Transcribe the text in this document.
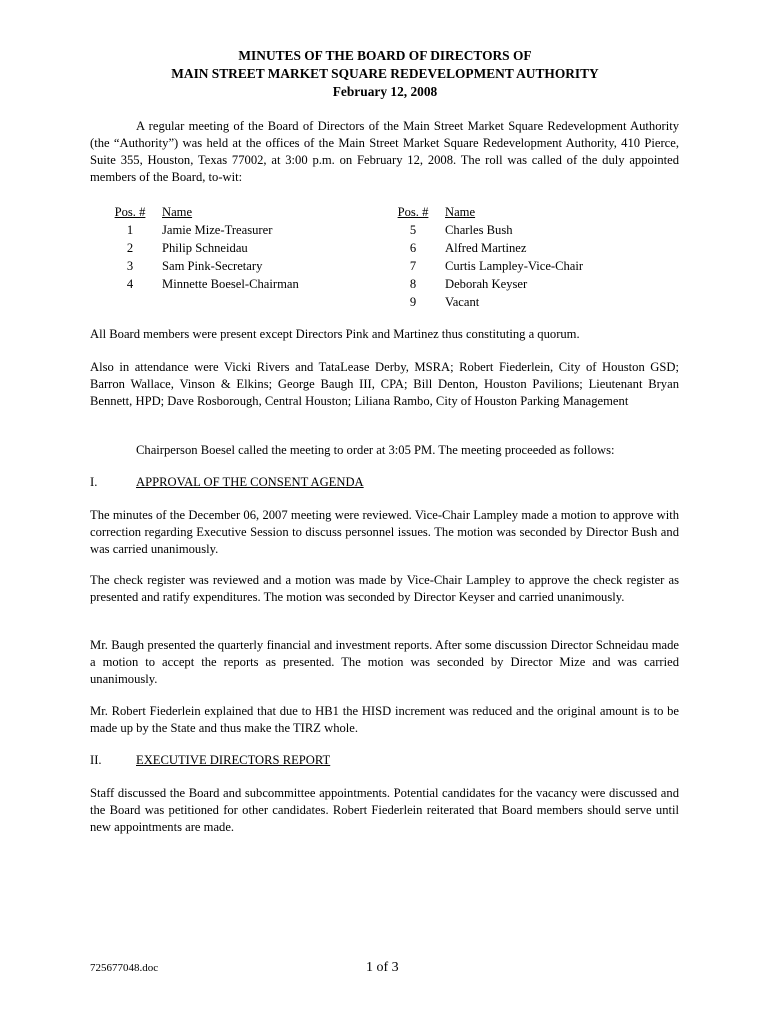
MINUTES OF THE BOARD OF DIRECTORS OF
MAIN STREET MARKET SQUARE REDEVELOPMENT AUTHORITY
February 12, 2008

A regular meeting of the Board of Directors of the Main Street Market Square Redevelopment Authority (the “Authority”) was held at the offices of the Main Street Market Square Redevelopment Authority, 410 Pierce, Suite 355, Houston, Texas 77002, at 3:00 p.m. on February 12, 2008. The roll was called of the duly appointed members of the Board, to-wit:

Pos. #	Name
1	Jamie Mize-Treasurer
2	Philip Schneidau
3	Sam Pink-Secretary
4	Minnette Boesel-Chairman
Pos. #	Name
5	Charles Bush
6	Alfred Martinez
7	Curtis Lampley-Vice-Chair
8	Deborah Keyser
9	Vacant

All Board members were present except Directors Pink and Martinez thus constituting a quorum.

Also in attendance were Vicki Rivers and TataLease Derby, MSRA; Robert Fiederlein, City of Houston GSD; Barron Wallace, Vinson & Elkins; George Baugh III, CPA; Bill Denton, Houston Pavilions; Lieutenant Bryan Bennett, HPD; Dave Rosborough, Central Houston; Liliana Rambo, City of Houston Parking Management

Chairperson Boesel called the meeting to order at 3:05 PM. The meeting proceeded as follows:

I.	APPROVAL OF THE CONSENT AGENDA

The minutes of the December 06, 2007 meeting were reviewed. Vice-Chair Lampley made a motion to approve with correction regarding Executive Session to discuss personnel issues. The motion was seconded by Director Bush and was carried unanimously.

The check register was reviewed and a motion was made by Vice-Chair Lampley to approve the check register as presented and ratify expenditures. The motion was seconded by Director Keyser and carried unanimously.

Mr. Baugh presented the quarterly financial and investment reports. After some discussion Director Schneidau made a motion to accept the reports as presented. The motion was seconded by Director Mize and was carried unanimously.

Mr. Robert Fiederlein explained that due to HB1 the HISD increment was reduced and the original amount is to be made up by the State and thus make the TIRZ whole.

II.	EXECUTIVE DIRECTORS REPORT

Staff discussed the Board and subcommittee appointments. Potential candidates for the vacancy were discussed and the Board was petitioned for other candidates. Robert Fiederlein reiterated that Board members should serve until new appointments are made.

725677048.doc	1 of 3
